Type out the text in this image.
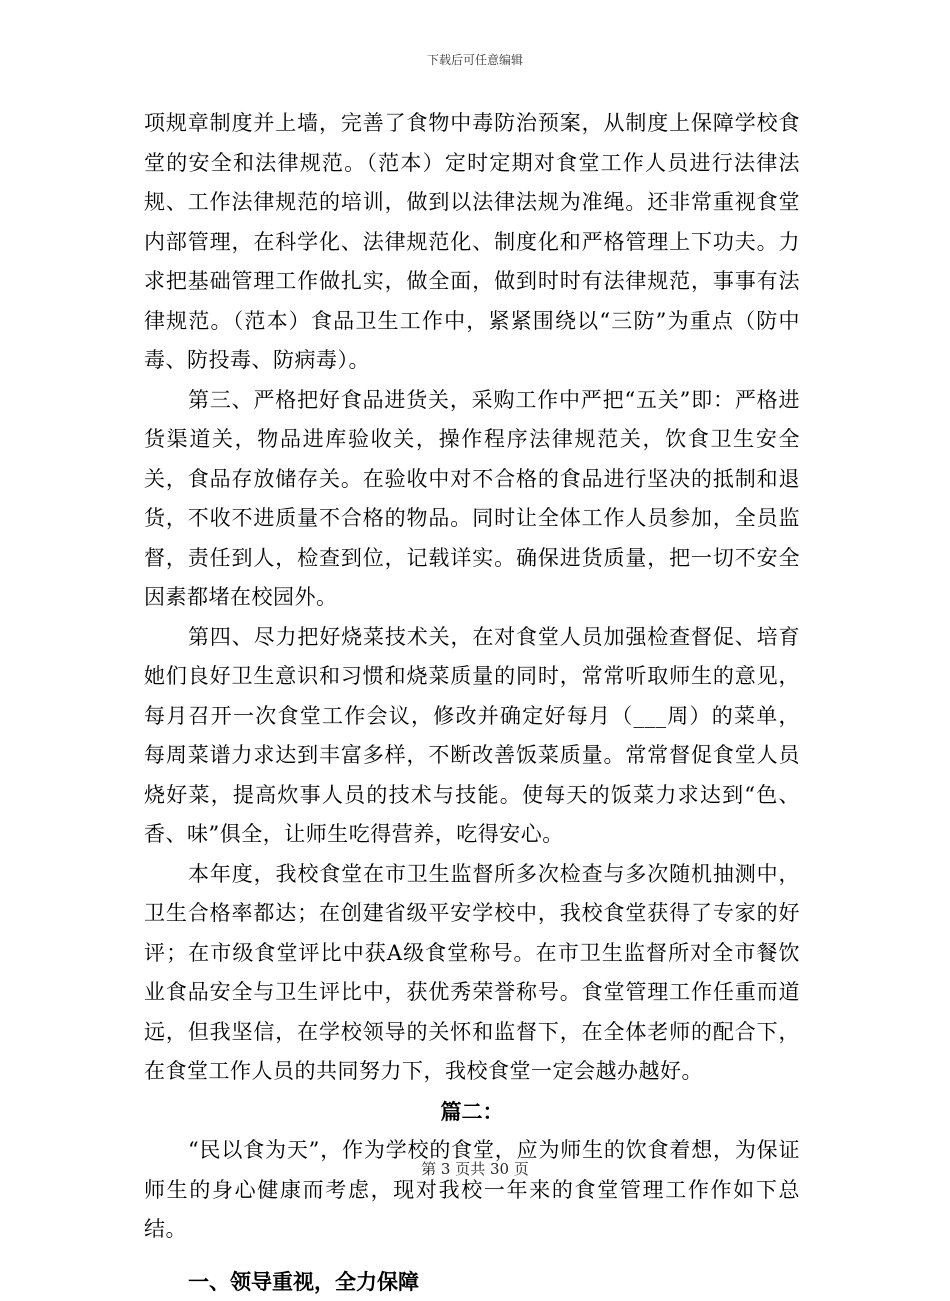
下载后可任意编辑

项规章制度并上墙，完善了食物中毒防治预案，从制度上保障学校食堂的安全和法律规范。（范本）定时定期对食堂工作人员进行法律法规、工作法律规范的培训，做到以法律法规为准绳。还非常重视食堂内部管理，在科学化、法律规范化、制度化和严格管理上下功夫。力求把基础管理工作做扎实，做全面，做到时时有法律规范，事事有法律规范。（范本）食品卫生工作中，紧紧围绕以“三防”为重点（防中毒、防投毒、防病毒）。

第三、严格把好食品进货关，采购工作中严把“五关”即：严格进货渠道关，物品进库验收关，操作程序法律规范关，饮食卫生安全关，食品存放储存关。在验收中对不合格的食品进行坚决的抵制和退货，不收不进质量不合格的物品。同时让全体工作人员参加，全员监督，责任到人，检查到位，记载详实。确保进货质量，把一切不安全因素都堵在校园外。

第四、尽力把好烧菜技术关，在对食堂人员加强检查督促、培育她们良好卫生意识和习惯和烧菜质量的同时，常常听取师生的意见，每月召开一次食堂工作会议，修改并确定好每月（___周）的菜单，每周菜谱力求达到丰富多样，不断改善饭菜质量。常常督促食堂人员烧好菜，提高炊事人员的技术与技能。使每天的饭菜力求达到“色、香、味”俱全，让师生吃得营养，吃得安心。

本年度，我校食堂在市卫生监督所多次检查与多次随机抽测中，卫生合格率都达；在创建省级平安学校中，我校食堂获得了专家的好评；在市级食堂评比中获A级食堂称号。在市卫生监督所对全市餐饮业食品安全与卫生评比中，获优秀荣誉称号。食堂管理工作任重而道远，但我坚信，在学校领导的关怀和监督下，在全体老师的配合下，在食堂工作人员的共同努力下，我校食堂一定会越办越好。

篇二：

“民以食为天”，作为学校的食堂，应为师生的饮食着想，为保证师生的身心健康而考虑，现对我校一年来的食堂管理工作作如下总结。

一、领导重视，全力保障

第 3 页共 30 页
